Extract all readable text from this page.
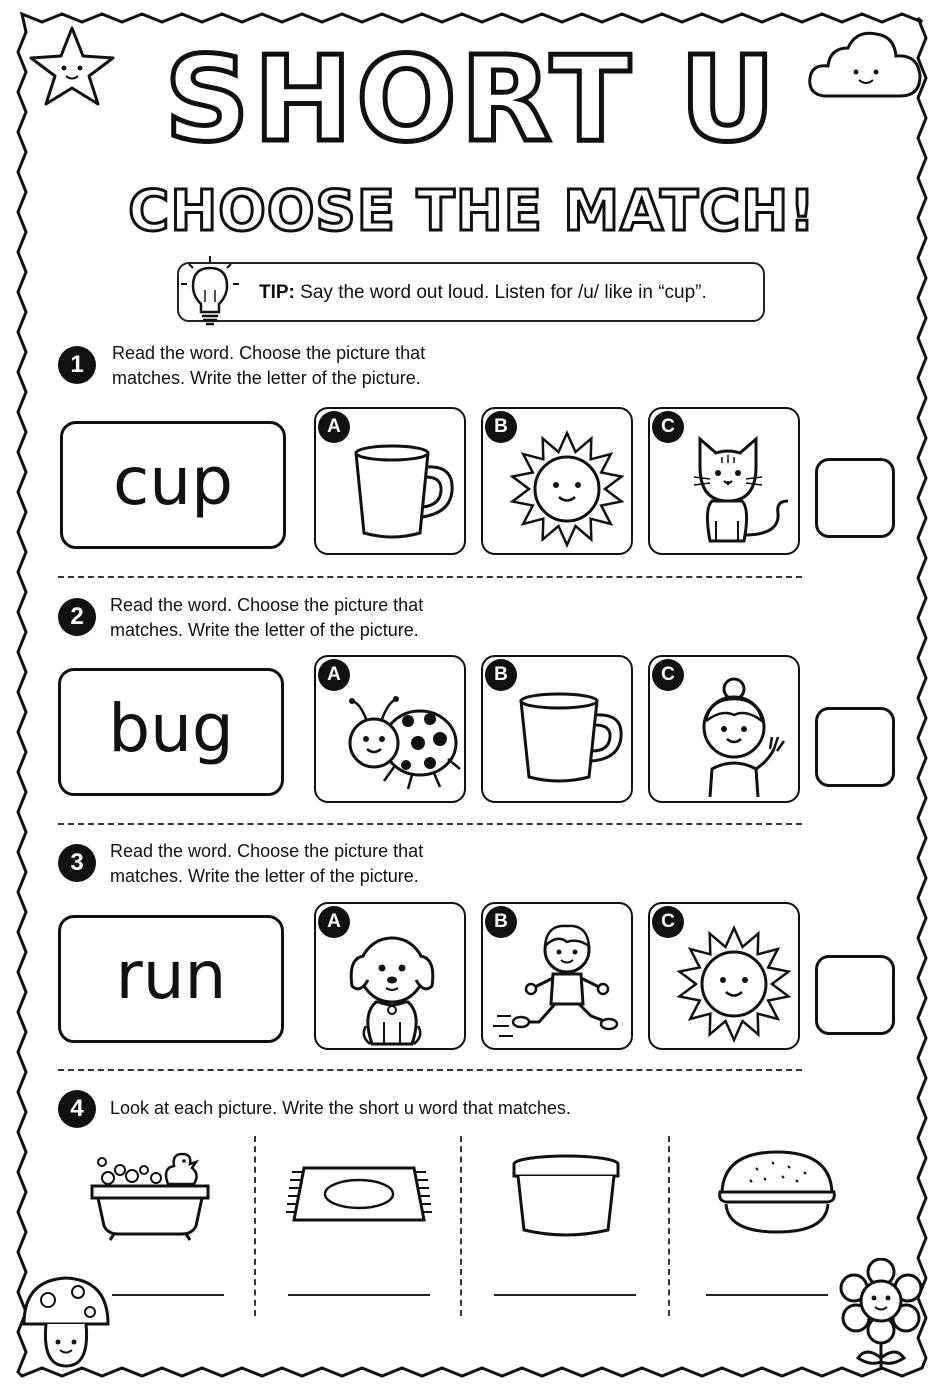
SHORT U
CHOOSE THE MATCH!
TIP: Say the word out loud. Listen for /u/ like in “cup”.
1	Read the word. Choose the picture that
matches. Write the letter of the picture.
cup
A	B	C
2	Read the word. Choose the picture that
matches. Write the letter of the picture.
bug
A	B	C
3	Read the word. Choose the picture that
matches. Write the letter of the picture.
run
A	B	C
4	Look at each picture. Write the short u word that matches.
